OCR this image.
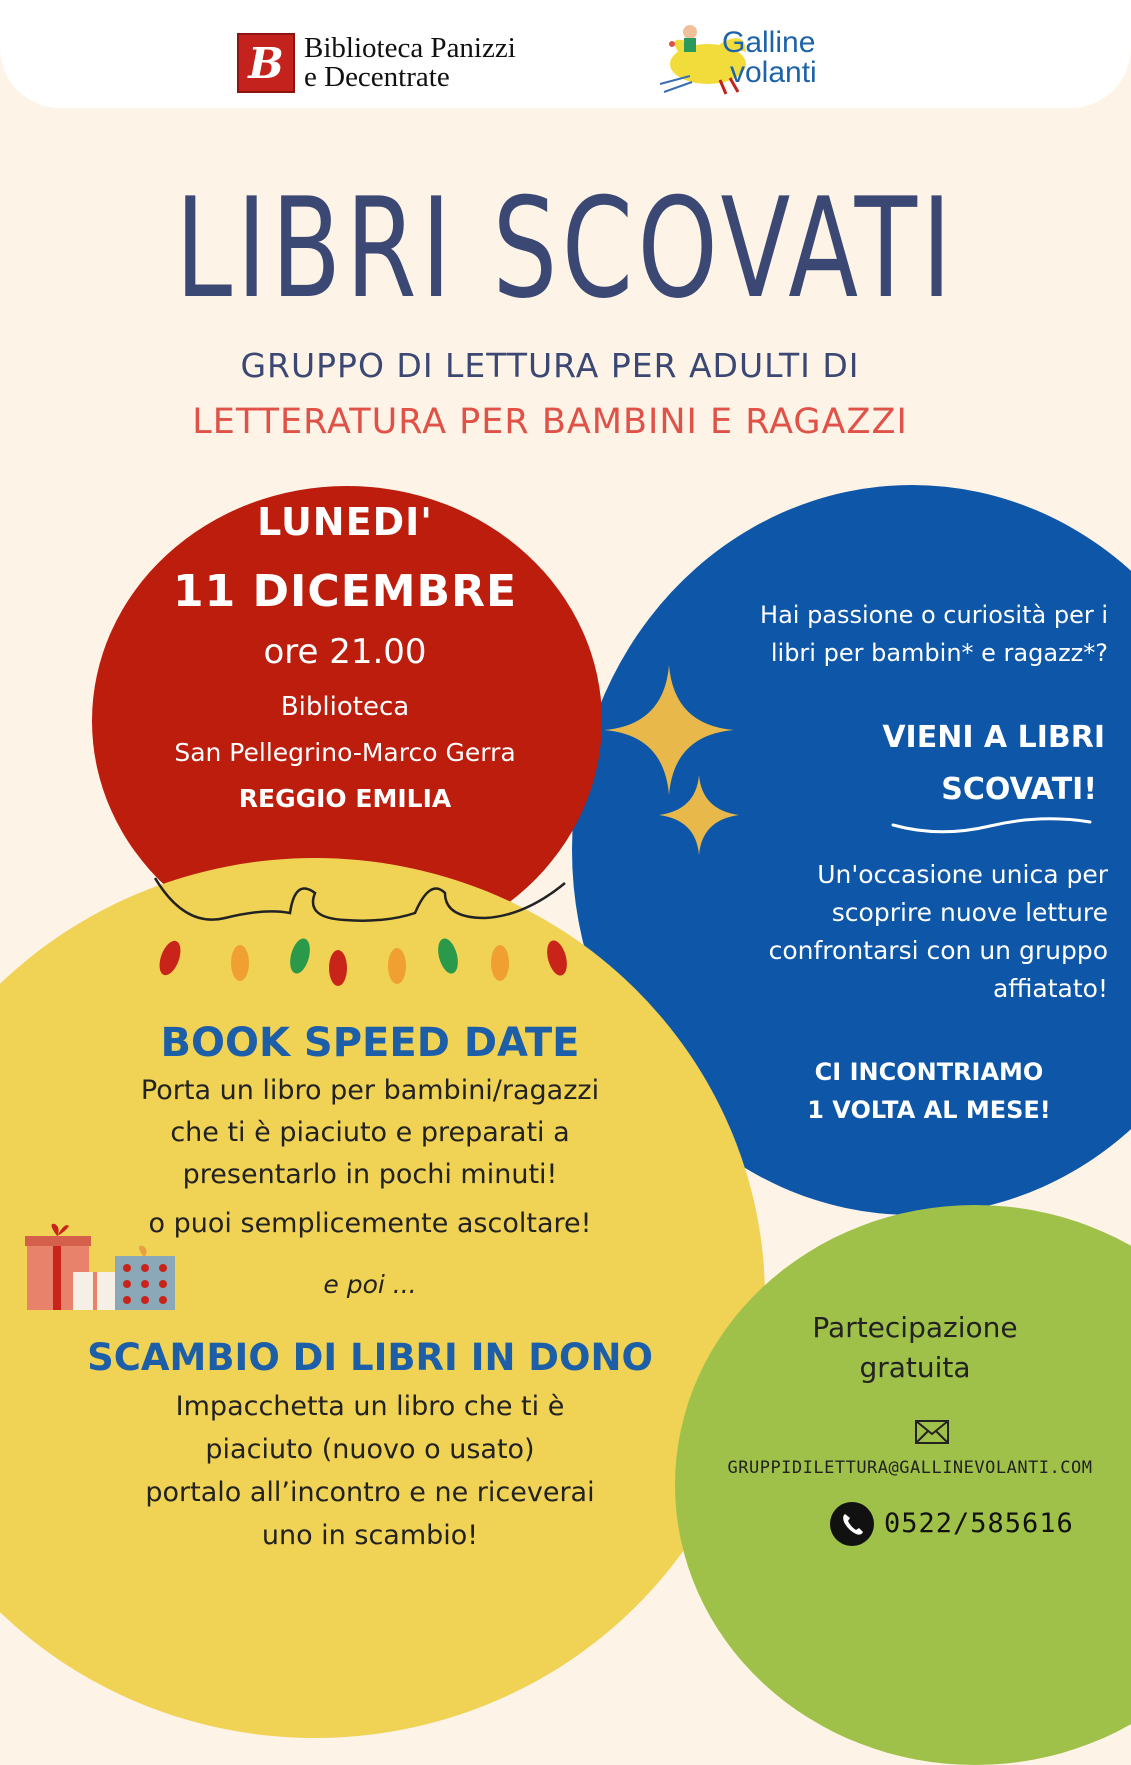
B Biblioteca Panizzi
e Decentrate
Galline
volanti
LIBRI SCOVATI
GRUPPO DI LETTURA PER ADULTI DI
LETTERATURA PER BAMBINI E RAGAZZI
LUNEDI'
11 DICEMBRE
ore 21.00
Biblioteca
San Pellegrino-Marco Gerra
REGGIO EMILIA
Hai passione o curiosità per i
libri per bambin* e ragazz*?
VIENI A LIBRI
SCOVATI!
Un'occasione unica per
scoprire nuove letture
confrontarsi con un gruppo
affiatato!
CI INCONTRIAMO
1 VOLTA AL MESE!
BOOK SPEED DATE
Porta un libro per bambini/ragazzi
che ti è piaciuto e preparati a
presentarlo in pochi minuti!
o puoi semplicemente ascoltare!
e poi ...
SCAMBIO DI LIBRI IN DONO
Impacchetta un libro che ti è
piaciuto (nuovo o usato)
portalo all’incontro e ne riceverai
uno in scambio!
Partecipazione
gratuita
GRUPPIDILETTURA@GALLINEVOLANTI.COM
0522/585616
